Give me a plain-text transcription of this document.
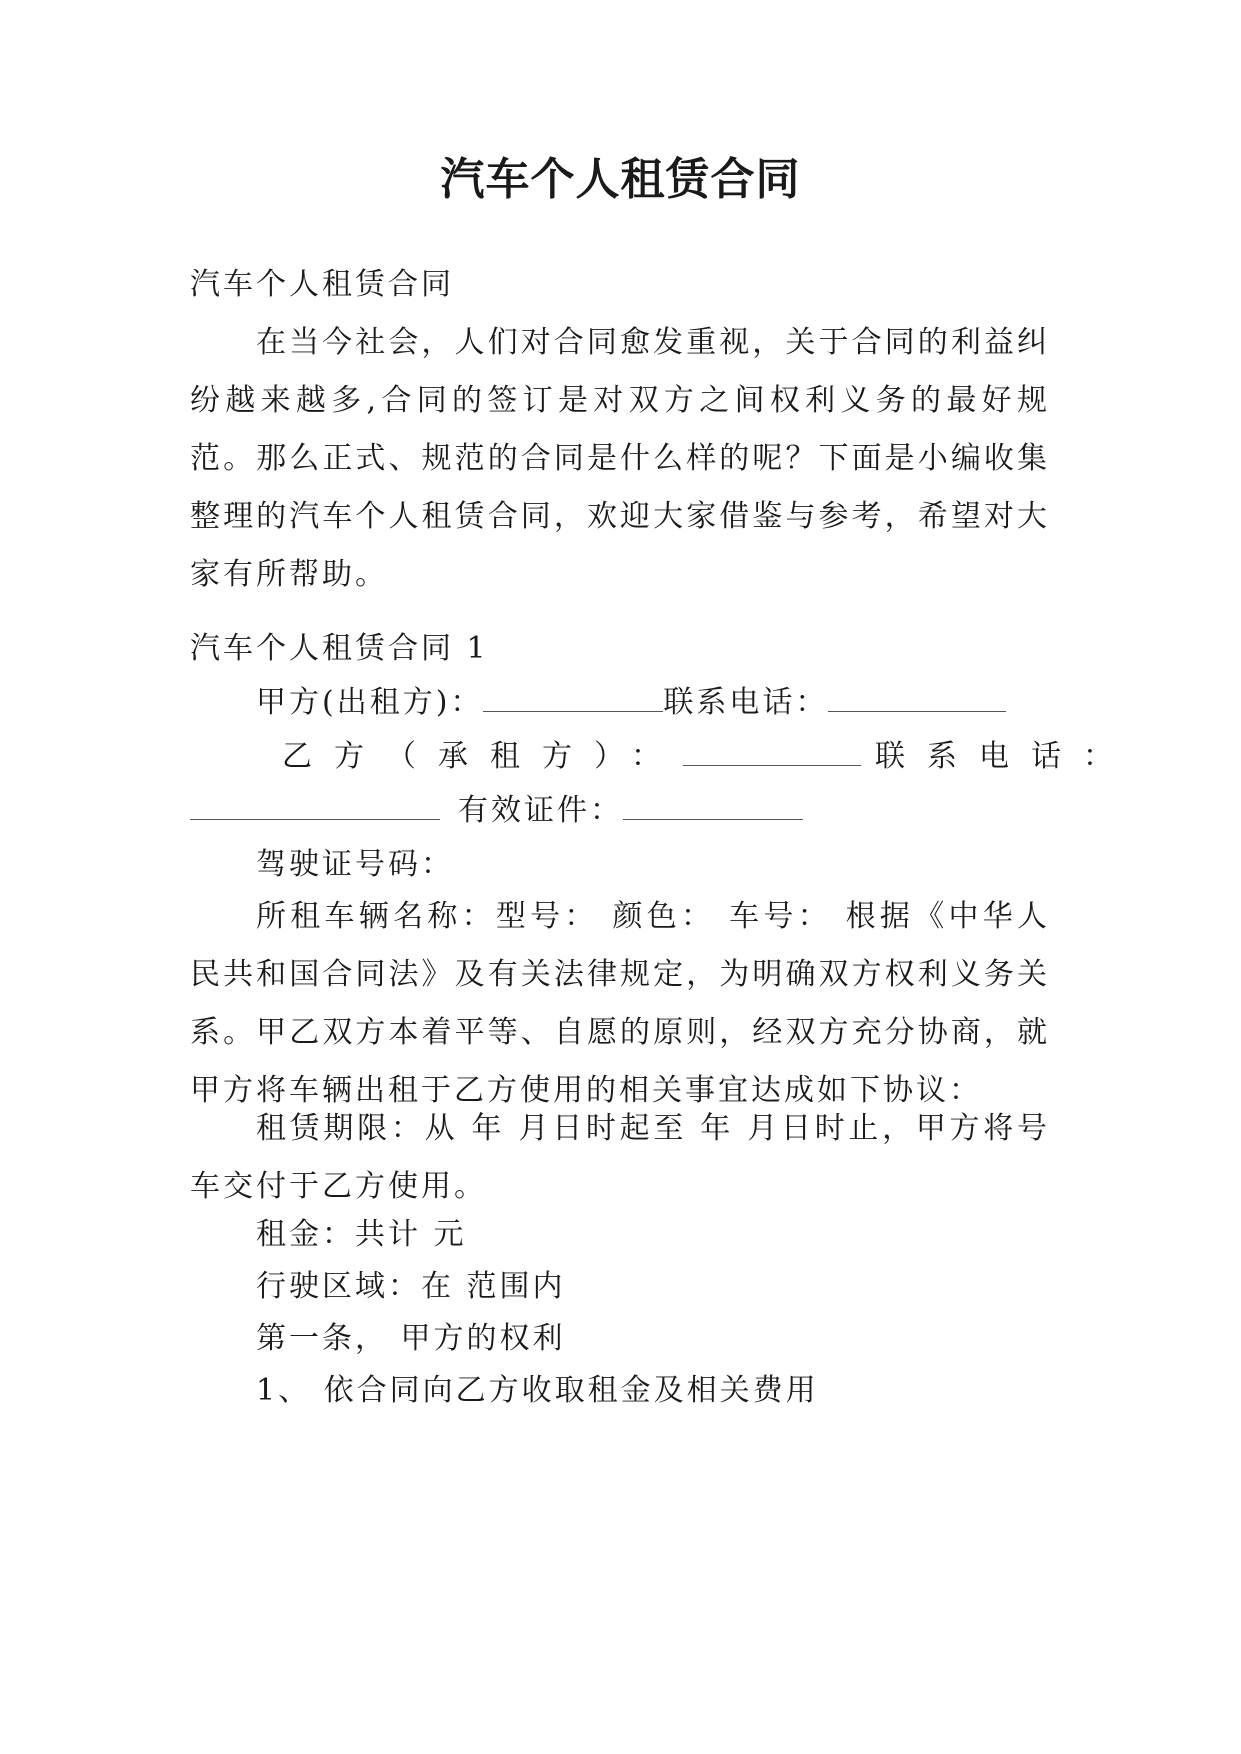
汽车个人租赁合同

汽车个人租赁合同

在当今社会，人们对合同愈发重视，关于合同的利益纠纷越来越多,合同的签订是对双方之间权利义务的最好规范。那么正式、规范的合同是什么样的呢？下面是小编收集整理的汽车个人租赁合同，欢迎大家借鉴与参考，希望对大家有所帮助。

汽车个人租赁合同 1

甲方(出租方)：	联系电话：

乙方（承租方）：	联系电话：

有效证件：

驾驶证号码：

所租车辆名称：型号： 颜色： 车号： 根据《中华人民共和国合同法》及有关法律规定，为明确双方权利义务关系。甲乙双方本着平等、自愿的原则，经双方充分协商，就甲方将车辆出租于乙方使用的相关事宜达成如下协议：

租赁期限：从 年 月日时起至 年 月日时止，甲方将号车交付于乙方使用。

租金：共计 元

行驶区域：在 范围内

第一条， 甲方的权利

1、 依合同向乙方收取租金及相关费用
